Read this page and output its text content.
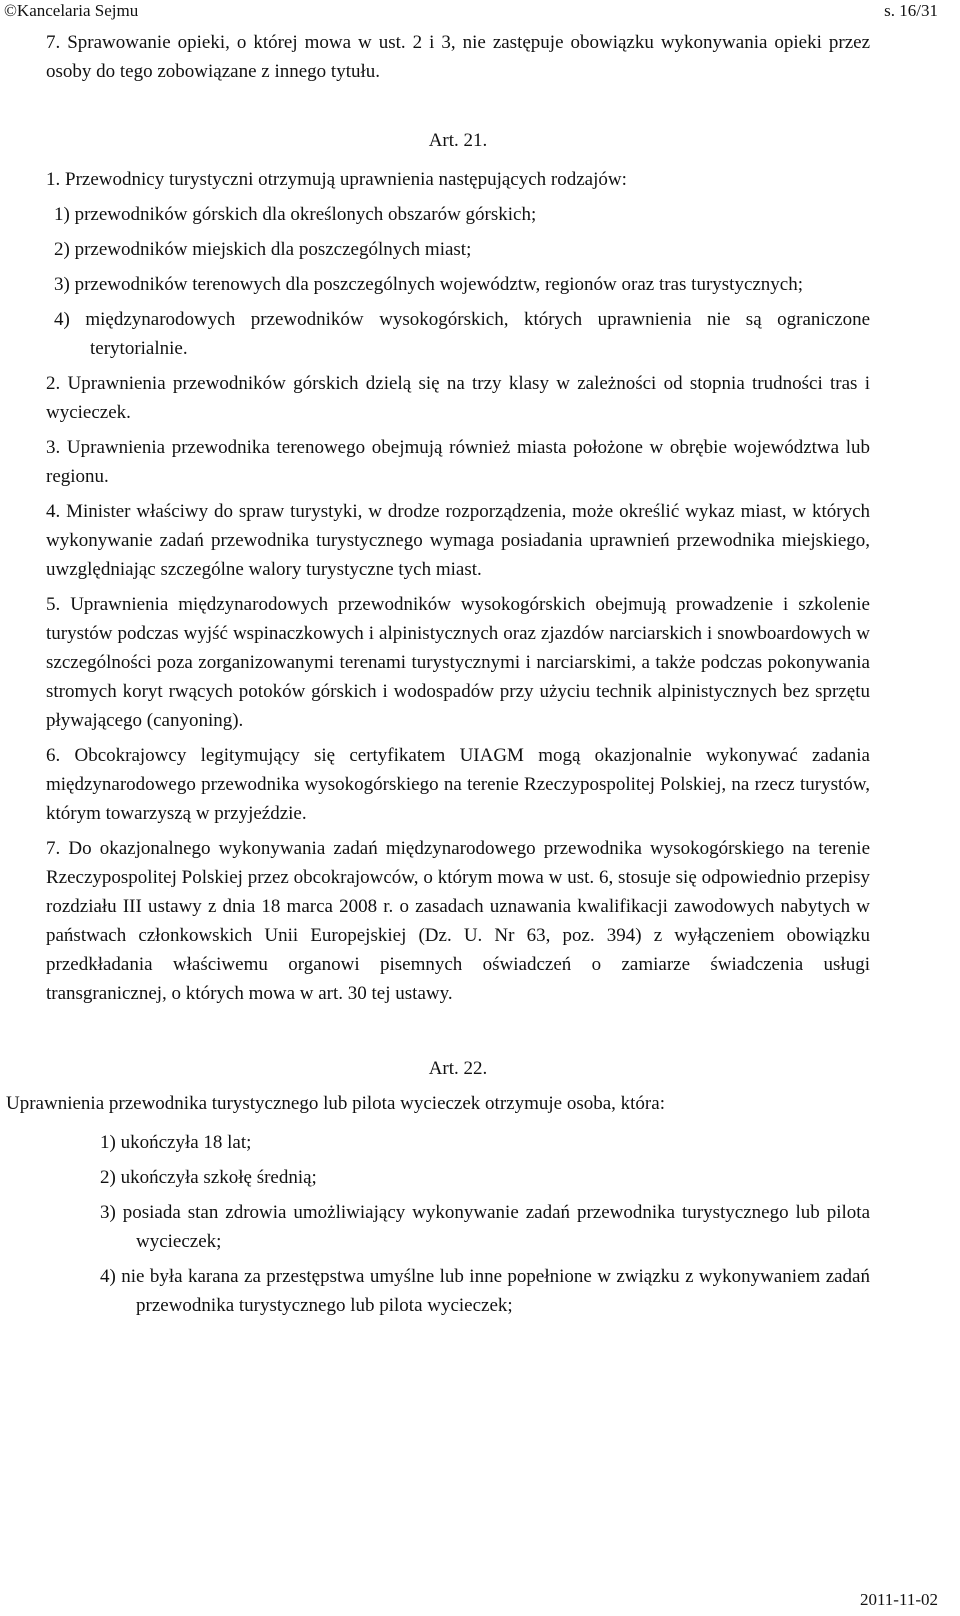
©Kancelaria Sejmu	s. 16/31

7. Sprawowanie opieki, o której mowa w ust. 2 i 3, nie zastępuje obowiązku wykonywania opieki przez osoby do tego zobowiązane z innego tytułu.

Art. 21.

1. Przewodnicy turystyczni otrzymują uprawnienia następujących rodzajów:

1) przewodników górskich dla określonych obszarów górskich;

2) przewodników miejskich dla poszczególnych miast;

3) przewodników terenowych dla poszczególnych województw, regionów oraz tras turystycznych;

4) międzynarodowych przewodników wysokogórskich, których uprawnienia nie są ograniczone terytorialnie.

2. Uprawnienia przewodników górskich dzielą się na trzy klasy w zależności od stopnia trudności tras i wycieczek.

3. Uprawnienia przewodnika terenowego obejmują również miasta położone w obrębie województwa lub regionu.

4. Minister właściwy do spraw turystyki, w drodze rozporządzenia, może określić wykaz miast, w których wykonywanie zadań przewodnika turystycznego wymaga posiadania uprawnień przewodnika miejskiego, uwzględniając szczególne walory turystyczne tych miast.

5. Uprawnienia międzynarodowych przewodników wysokogórskich obejmują prowadzenie i szkolenie turystów podczas wyjść wspinaczkowych i alpinistycznych oraz zjazdów narciarskich i snowboardowych w szczególności poza zorganizowanymi terenami turystycznymi i narciarskimi, a także podczas pokonywania stromych koryt rwących potoków górskich i wodospadów przy użyciu technik alpinistycznych bez sprzętu pływającego (canyoning).

6. Obcokrajowcy legitymujący się certyfikatem UIAGM mogą okazjonalnie wykonywać zadania międzynarodowego przewodnika wysokogórskiego na terenie Rzeczypospolitej Polskiej, na rzecz turystów, którym towarzyszą w przyjeździe.

7. Do okazjonalnego wykonywania zadań międzynarodowego przewodnika wysokogórskiego na terenie Rzeczypospolitej Polskiej przez obcokrajowców, o którym mowa w ust. 6, stosuje się odpowiednio przepisy rozdziału III ustawy z dnia 18 marca 2008 r. o zasadach uznawania kwalifikacji zawodowych nabytych w państwach członkowskich Unii Europejskiej (Dz. U. Nr 63, poz. 394) z wyłączeniem obowiązku przedkładania właściwemu organowi pisemnych oświadczeń o zamiarze świadczenia usługi transgranicznej, o których mowa w art. 30 tej ustawy.

Art. 22.

Uprawnienia przewodnika turystycznego lub pilota wycieczek otrzymuje osoba, która:

1) ukończyła 18 lat;

2) ukończyła szkołę średnią;

3) posiada stan zdrowia umożliwiający wykonywanie zadań przewodnika turystycznego lub pilota wycieczek;

4) nie była karana za przestępstwa umyślne lub inne popełnione w związku z wykonywaniem zadań przewodnika turystycznego lub pilota wycieczek;

2011-11-02
